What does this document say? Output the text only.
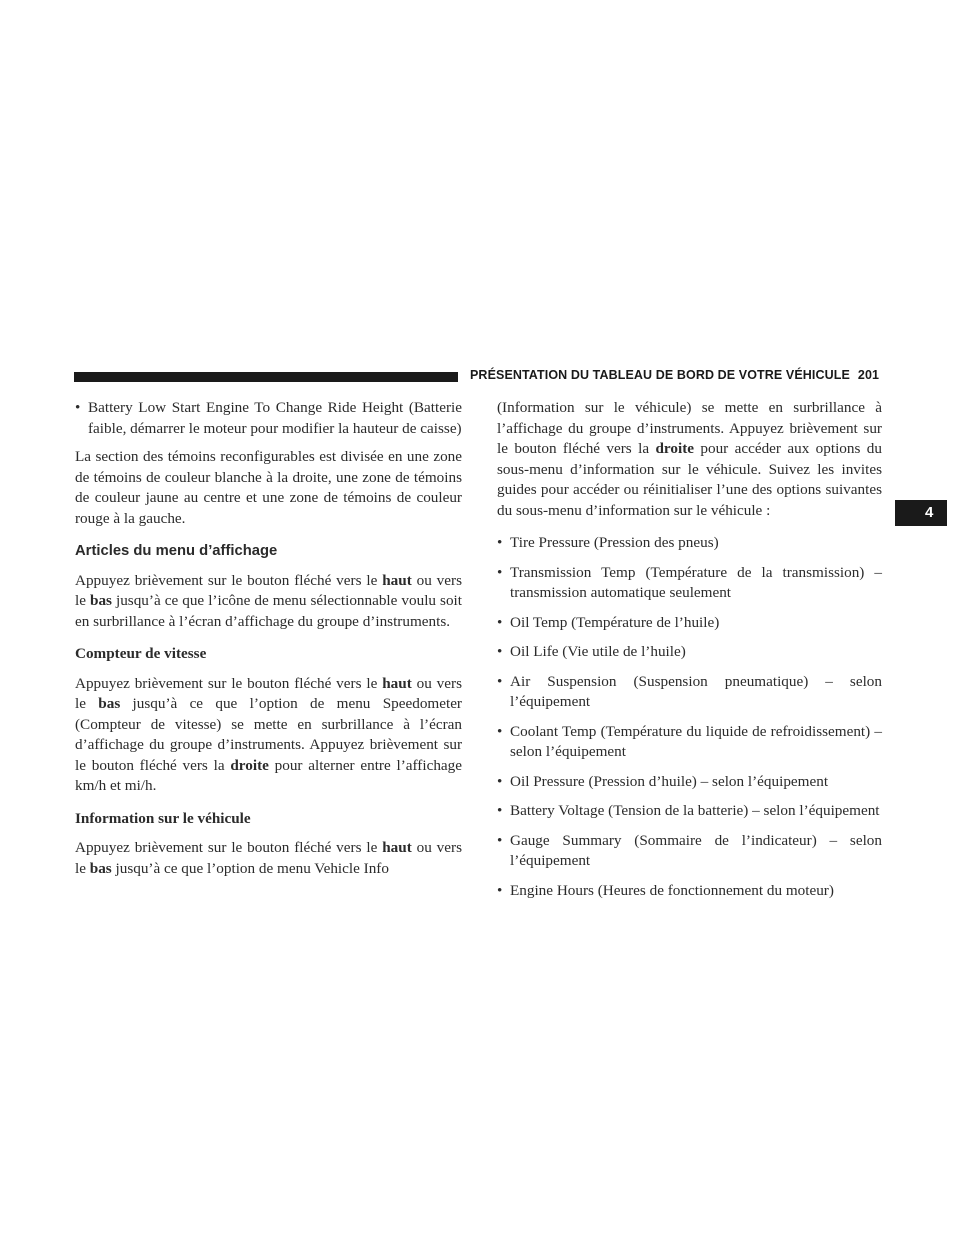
PRÉSENTATION DU TABLEAU DE BORD DE VOTRE VÉHICULE 201
4
• Battery Low Start Engine To Change Ride Height (Batterie faible, démarrer le moteur pour modifier la hauteur de caisse)

La section des témoins reconfigurables est divisée en une zone de témoins de couleur blanche à la droite, une zone de témoins de couleur jaune au centre et une zone de témoins de couleur rouge à la gauche.

Articles du menu d’affichage

Appuyez brièvement sur le bouton fléché vers le haut ou vers le bas jusqu’à ce que l’icône de menu sélectionnable voulu soit en surbrillance à l’écran d’affichage du groupe d’instruments.

Compteur de vitesse

Appuyez brièvement sur le bouton fléché vers le haut ou vers le bas jusqu’à ce que l’option de menu Speedometer (Compteur de vitesse) se mette en surbrillance à l’écran d’affichage du groupe d’instruments. Appuyez brièvement sur le bouton fléché vers la droite pour alterner entre l’affichage km/h et mi/h.

Information sur le véhicule

Appuyez brièvement sur le bouton fléché vers le haut ou vers le bas jusqu’à ce que l’option de menu Vehicle Info

(Information sur le véhicule) se mette en surbrillance à l’affichage du groupe d’instruments. Appuyez brièvement sur le bouton fléché vers la droite pour accéder aux options du sous-menu d’information sur le véhicule. Suivez les invites guides pour accéder ou réinitialiser l’une des options suivantes du sous-menu d’information sur le véhicule :

• Tire Pressure (Pression des pneus)
• Transmission Temp (Température de la transmission) – transmission automatique seulement
• Oil Temp (Température de l’huile)
• Oil Life (Vie utile de l’huile)
• Air Suspension (Suspension pneumatique) – selon l’équipement
• Coolant Temp (Température du liquide de refroidissement) – selon l’équipement
• Oil Pressure (Pression d’huile) – selon l’équipement
• Battery Voltage (Tension de la batterie) – selon l’équipement
• Gauge Summary (Sommaire de l’indicateur) – selon l’équipement
• Engine Hours (Heures de fonctionnement du moteur)
